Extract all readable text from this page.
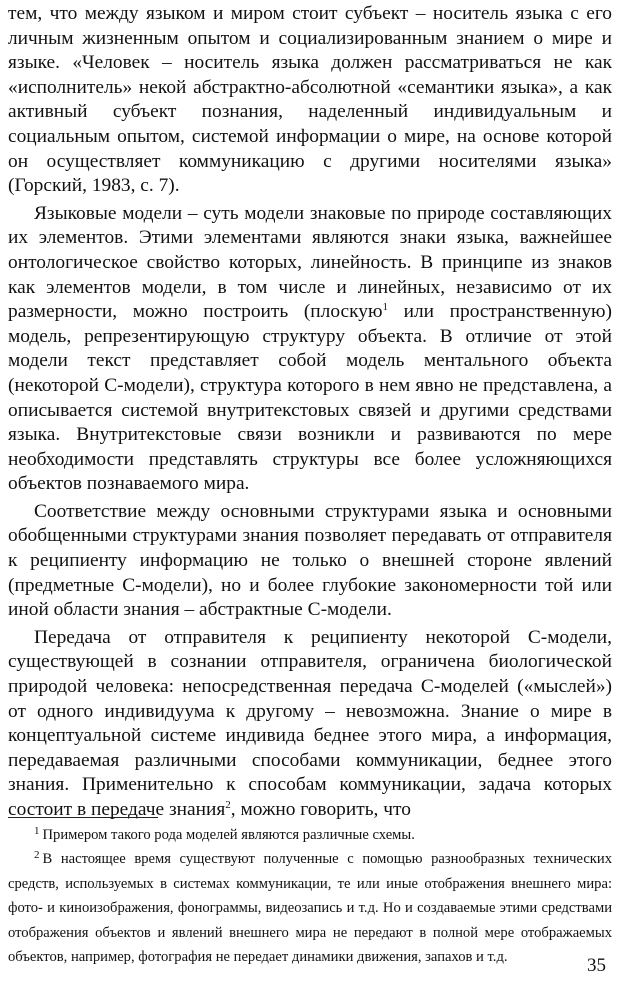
тем, что между языком и миром стоит субъект – носитель языка с его личным жизненным опытом и социализированным знанием о мире и языке. «Человек – носитель языка должен рассматриваться не как «исполнитель» некой абстрактно-абсолютной «семантики языка», а как активный субъект познания, наделенный индивидуальным и социальным опытом, системой информации о мире, на основе которой он осуществляет коммуникацию с другими носителями языка» (Горский, 1983, с. 7).

Языковые модели – суть модели знаковые по природе составляющих их элементов. Этими элементами являются знаки языка, важнейшее онтологическое свойство которых, линейность. В принципе из знаков как элементов модели, в том числе и линейных, независимо от их размерности, можно построить (плоскую$^1$ или пространственную) модель, репрезентирующую структуру объекта. В отличие от этой модели текст представляет собой модель ментального объекта (некоторой С-модели), структура которого в нем явно не представлена, а описывается системой внутритекстовых связей и другими средствами языка. Внутритекстовые связи возникли и развиваются по мере необходимости представлять структуры все более усложняющихся объектов познаваемого мира.

Соответствие между основными структурами языка и основными обобщенными структурами знания позволяет передавать от отправителя к реципиенту информацию не только о внешней стороне явлений (предметные С-модели), но и более глубокие закономерности той или иной области знания – абстрактные С-модели.

Передача от отправителя к реципиенту некоторой С-модели, существующей в сознании отправителя, ограничена биологической природой человека: непосредственная передача С-моделей («мыслей») от одного индивидуума к другому – невозможна. Знание о мире в концептуальной системе индивида беднее этого мира, а информация, передаваемая различными способами коммуникации, беднее этого знания. Применительно к способам коммуникации, задача которых состоит в передаче знания$^2$, можно говорить, что

$^1$ Примером такого рода моделей являются различные схемы.

$^2$ В настоящее время существуют полученные с помощью разнообразных технических средств, используемых в системах коммуникации, те или иные отображения внешнего мира: фото- и киноизображения, фонограммы, видеозапись и т.д. Но и создаваемые этими средствами отображения объектов и явлений внешнего мира не передают в полной мере отображаемых объектов, например, фотография не передает динамики движения, запахов и т.д.	35
